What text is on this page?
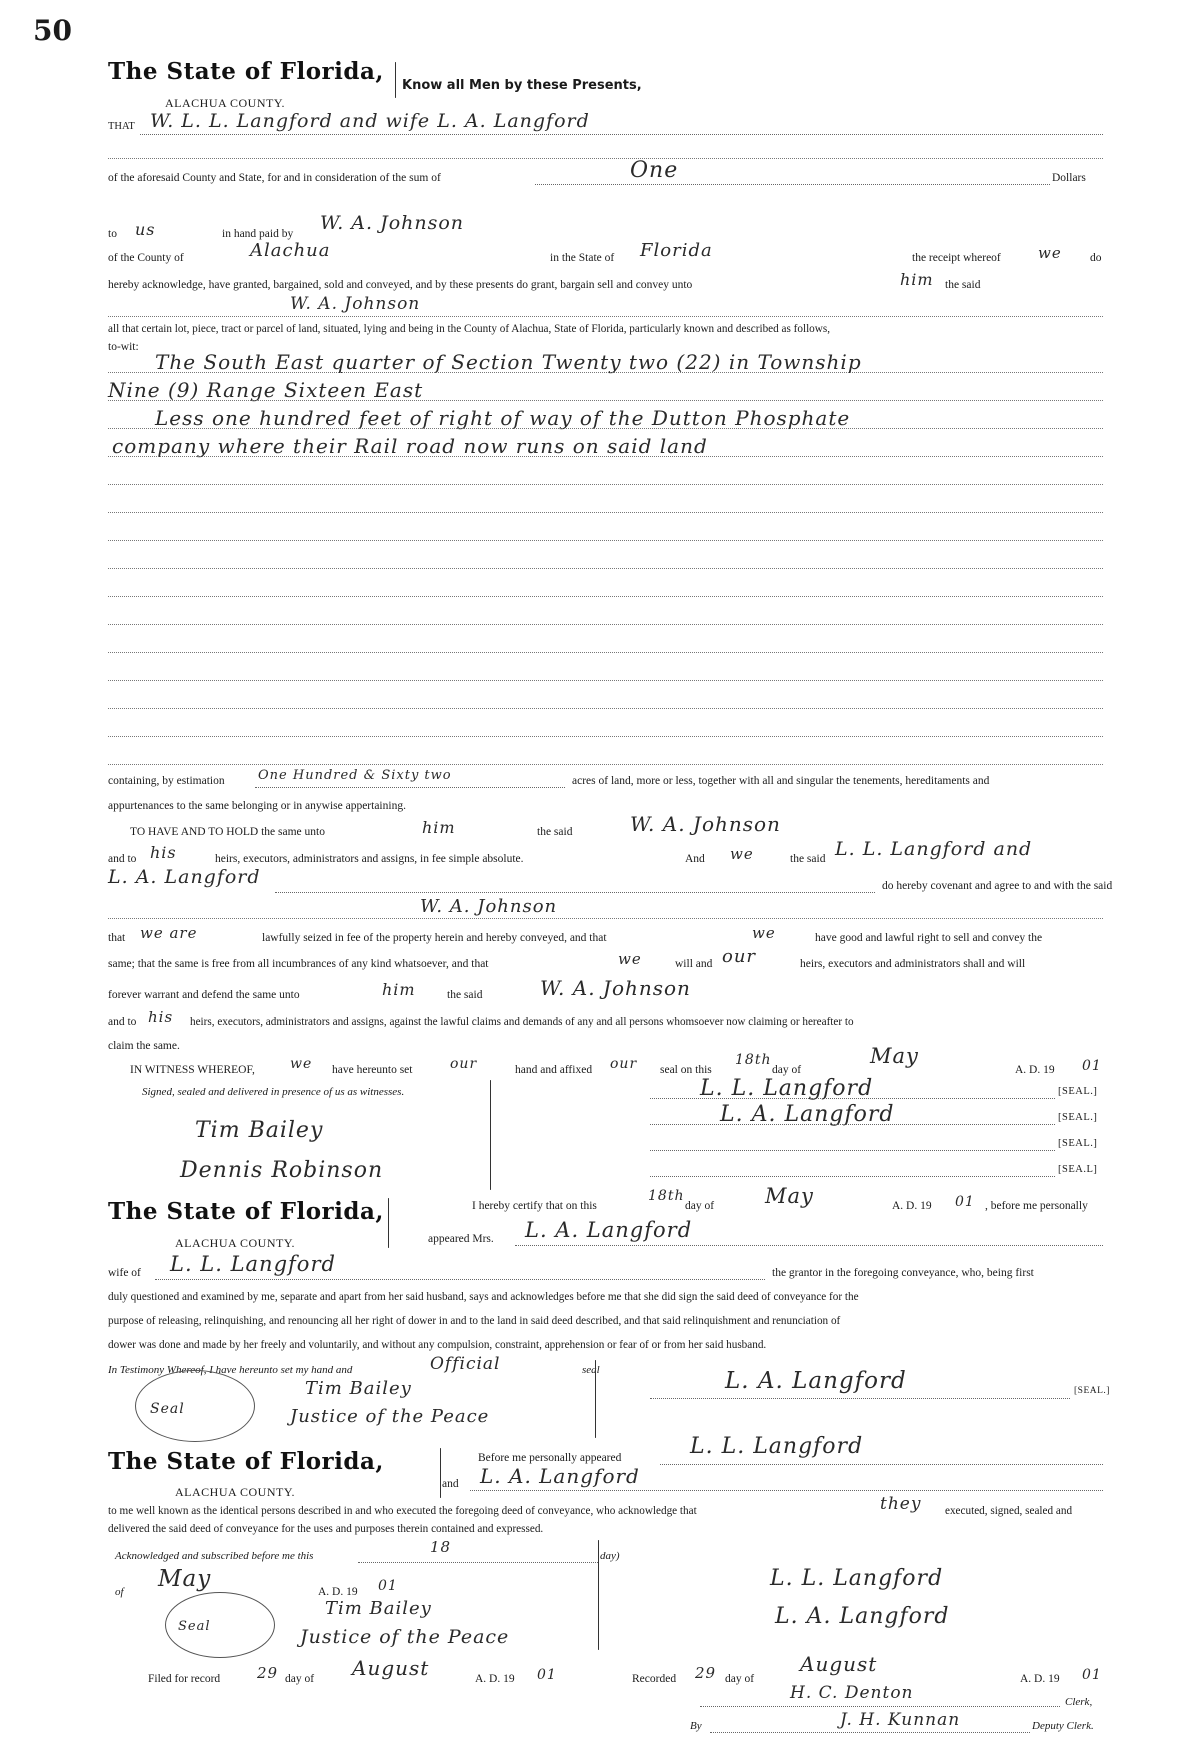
50
The State of Florida,
Know all Men by these Presents,
ALACHUA COUNTY.
THAT W. L. L. Langford and wife L. A. Langford
of the aforesaid County and State, for and in consideration of the sum of	One	Dollars
to us	in hand paid by W. A. Johnson
of the County of	Alachua	in the State of Florida	the receipt whereof we do
hereby acknowledge, have granted, bargained, sold and conveyed, and by these presents do grant, bargain sell and convey unto	him the said
W. A. Johnson
all that certain lot, piece, tract or parcel of land, situated, lying and being in the County of Alachua, State of Florida, particularly known and described as follows,
to-wit:
The South East quarter of Section Twenty two (22) in Township
Nine (9) Range Sixteen East
Less one hundred feet of right of way of the Dutton Phosphate
company where their Rail road now runs on said land
containing, by estimation	One Hundred & Sixty two	acres of land, more or less, together with all and singular the tenements, hereditaments and
appurtenances to the same belonging or in anywise appertaining.
TO HAVE AND TO HOLD the same unto	him	the said	W. A. Johnson
and to his	heirs, executors, administrators and assigns, in fee simple absolute.	And we	the said L. L. Langford and
L. A. Langford	do hereby covenant and agree to and with the said
W. A. Johnson
that we are	lawfully seized in fee of the property herein and hereby conveyed, and that	we	have good and lawful right to sell and convey the
same; that the same is free from all incumbrances of any kind whatsoever, and that	we	will and our	heirs, executors and administrators shall and will
forever warrant and defend the same unto	him	the said	W. A. Johnson
and to his heirs, executors, administrators and assigns, against the lawful claims and demands of any and all persons whomsoever now claiming or hereafter to
claim the same.
IN WITNESS WHEREOF,	we have hereunto set	our	hand and affixed our seal on this
18th
day of
May
A. D. 19 01
Signed, sealed and delivered in presence of us as witnesses.
Tim Bailey
Dennis Robinson
L. L. Langford
L. A. Langford
[SEAL.]
[SEAL.]
[SEAL.]
[SEA.L]
The State of Florida,
ALACHUA COUNTY.
I hereby certify that on this
18th
day of May	A. D. 19 01 , before me personally
appeared Mrs. L. A. Langford
wife of L. L. Langford	the grantor in the foregoing conveyance, who, being first
duly questioned and examined by me, separate and apart from her said husband, says and acknowledges before me that she did sign the said deed of conveyance for the
purpose of releasing, relinquishing, and renouncing all her right of dower in and to the land in said deed described, and that said relinquishment and renunciation of
dower was done and made by her freely and voluntarily, and without any compulsion, constraint, apprehension or fear of or from her said husband.
In Testimony Whereof, I have hereunto set my hand and	Official	seal
Tim Bailey
Justice of the Peace
Seal
L. A. Langford	[SEAL.]
The State of Florida,
ALACHUA COUNTY.
Before me personally appeared	L. L. Langford
and L. A. Langford
to me well known as the identical persons described in and who executed the foregoing deed of conveyance, who acknowledge that	they executed, signed, sealed and
delivered the said deed of conveyance for the uses and purposes therein contained and expressed.
Acknowledged and subscribed before me this	18	day)
of May	A. D. 19 01
Seal
Tim Bailey
Justice of the Peace
L. L. Langford
L. A. Langford
Filed for record 29 day of August	A. D. 19 01	Recorded 29 day of
August
A. D. 19 01
H. C. Denton	Clerk,
By	J. H. Kunnan	Deputy Clerk.
